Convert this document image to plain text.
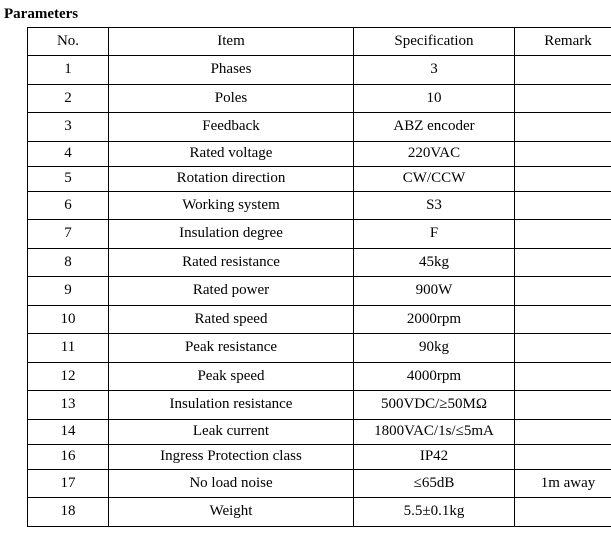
Parameters
No.	Item	Specification	Remark
1	Phases	3	
2	Poles	10	
3	Feedback	ABZ encoder	
4	Rated voltage	220VAC	
5	Rotation direction	CW/CCW	
6	Working system	S3	
7	Insulation degree	F	
8	Rated resistance	45kg	
9	Rated power	900W	
10	Rated speed	2000rpm	
11	Peak resistance	90kg	
12	Peak speed	4000rpm	
13	Insulation resistance	500VDC/≥50MΩ	
14	Leak current	1800VAC/1s/≤5mA	
16	Ingress Protection class	IP42	
17	No load noise	≤65dB	1m away
18	Weight	5.5±0.1kg	
